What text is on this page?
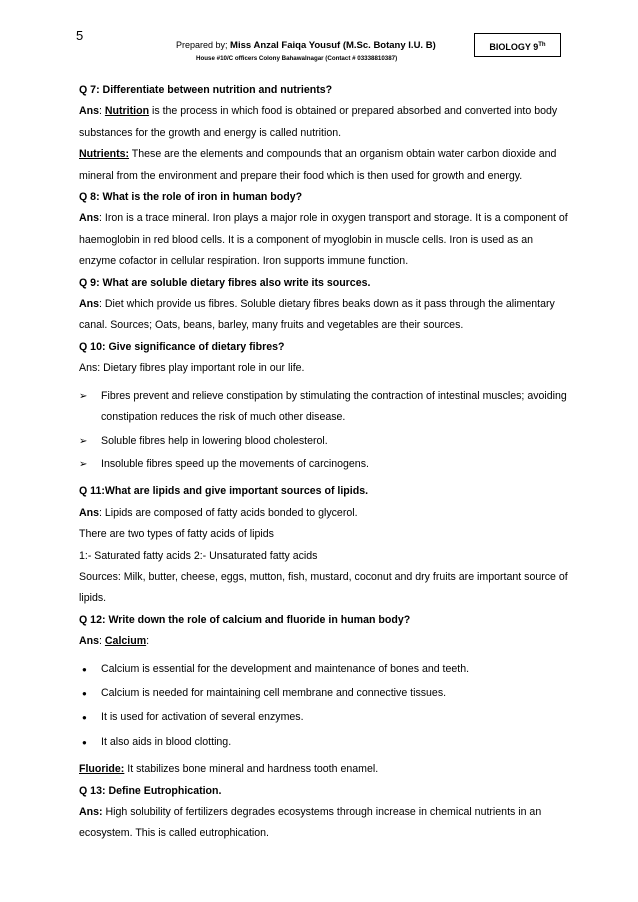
5
Prepared by; Miss Anzal Faiqa Yousuf (M.Sc. Botany I.U. B)
House #10/C officers Colony Bahawalnagar (Contact # 03338810387)
BIOLOGY 9Th

Q 7: Differentiate between nutrition and nutrients?

Ans: Nutrition is the process in which food is obtained or prepared absorbed and converted into body substances for the growth and energy is called nutrition.

Nutrients: These are the elements and compounds that an organism obtain water carbon dioxide and mineral from the environment and prepare their food which is then used for growth and energy.

Q 8: What is the role of iron in human body?

Ans: Iron is a trace mineral. Iron plays a major role in oxygen transport and storage. It is a component of haemoglobin in red blood cells. It is a component of myoglobin in muscle cells. Iron is used as an enzyme cofactor in cellular respiration. Iron supports immune function.

Q 9: What are soluble dietary fibres also write its sources.

Ans: Diet which provide us fibres. Soluble dietary fibres beaks down as it pass through the alimentary canal. Sources; Oats, beans, barley, many fruits and vegetables are their sources.

Q 10: Give significance of dietary fibres?

Ans: Dietary fibres play important role in our life.

➢ Fibres prevent and relieve constipation by stimulating the contraction of intestinal muscles; avoiding constipation reduces the risk of much other disease.
➢ Soluble fibres help in lowering blood cholesterol.
➢ Insoluble fibres speed up the movements of carcinogens.

Q 11:What are lipids and give important sources of lipids.

Ans: Lipids are composed of fatty acids bonded to glycerol.

There are two types of fatty acids of lipids

1:- Saturated fatty acids 2:- Unsaturated fatty acids

Sources: Milk, butter, cheese, eggs, mutton, fish, mustard, coconut and dry fruits are important source of lipids.

Q 12: Write down the role of calcium and fluoride in human body?

Ans: Calcium:

● Calcium is essential for the development and maintenance of bones and teeth.
● Calcium is needed for maintaining cell membrane and connective tissues.
● It is used for activation of several enzymes.
● It also aids in blood clotting.

Fluoride: It stabilizes bone mineral and hardness tooth enamel.

Q 13: Define Eutrophication.

Ans: High solubility of fertilizers degrades ecosystems through increase in chemical nutrients in an ecosystem. This is called eutrophication.
